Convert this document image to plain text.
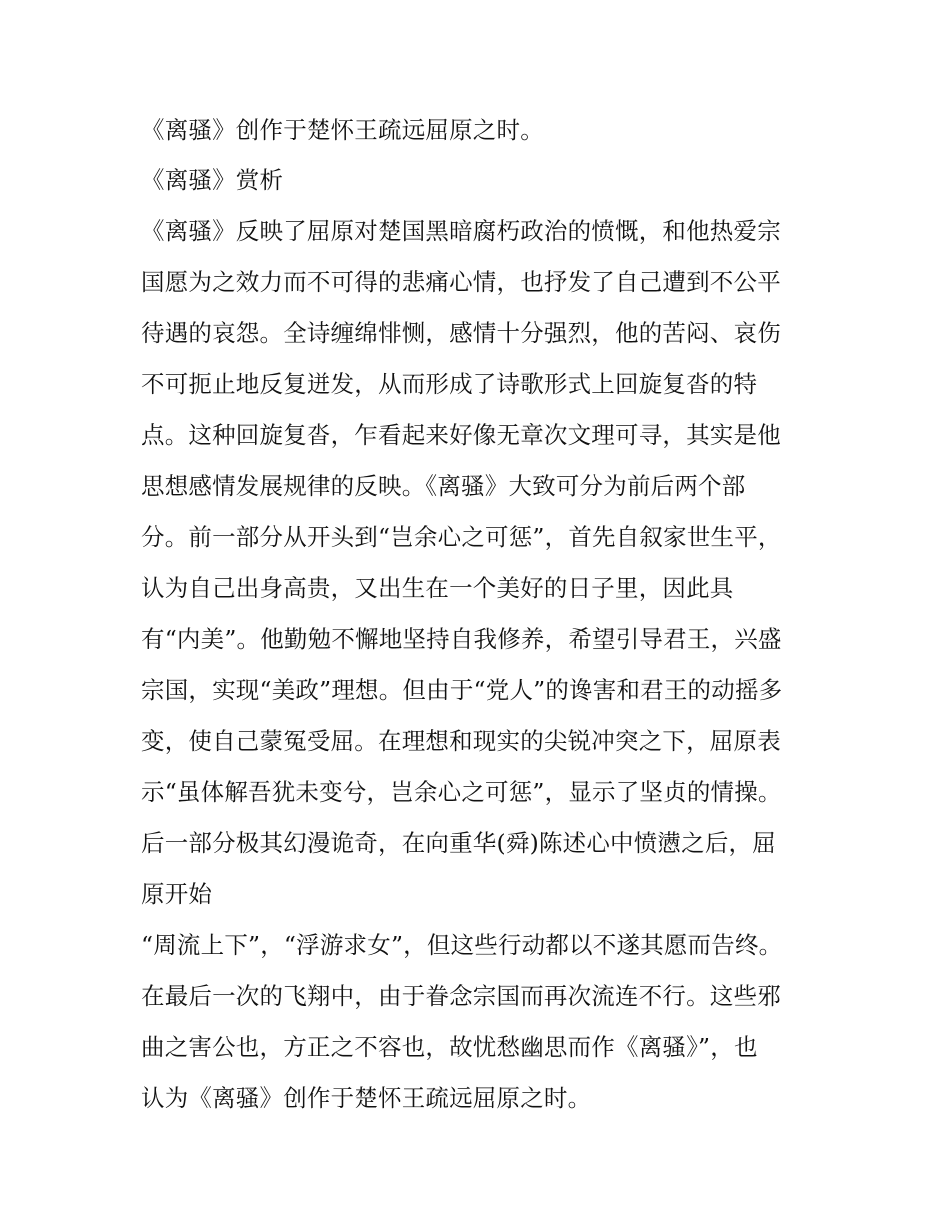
《离骚》创作于楚怀王疏远屈原之时。
《离骚》赏析
《离骚》反映了屈原对楚国黑暗腐朽政治的愤慨，和他热爱宗
国愿为之效力而不可得的悲痛心情，也抒发了自己遭到不公平
待遇的哀怨。全诗缠绵悱恻，感情十分强烈，他的苦闷、哀伤
不可扼止地反复迸发，从而形成了诗歌形式上回旋复沓的特
点。这种回旋复沓，乍看起来好像无章次文理可寻，其实是他
思想感情发展规律的反映。《离骚》大致可分为前后两个部
分。前一部分从开头到“岂余心之可惩”，首先自叙家世生平，
认为自己出身高贵，又出生在一个美好的日子里，因此具
有“内美”。他勤勉不懈地坚持自我修养，希望引导君王，兴盛
宗国，实现“美政”理想。但由于“党人”的谗害和君王的动摇多
变，使自己蒙冤受屈。在理想和现实的尖锐冲突之下，屈原表
示“虽体解吾犹未变兮，岂余心之可惩”，显示了坚贞的情操。
后一部分极其幻漫诡奇，在向重华(舜)陈述心中愤懑之后，屈
原开始
“周流上下”，“浮游求女”，但这些行动都以不遂其愿而告终。
在最后一次的飞翔中，由于眷念宗国而再次流连不行。这些邪
曲之害公也，方正之不容也，故忧愁幽思而作《离骚》”，也
认为《离骚》创作于楚怀王疏远屈原之时。
